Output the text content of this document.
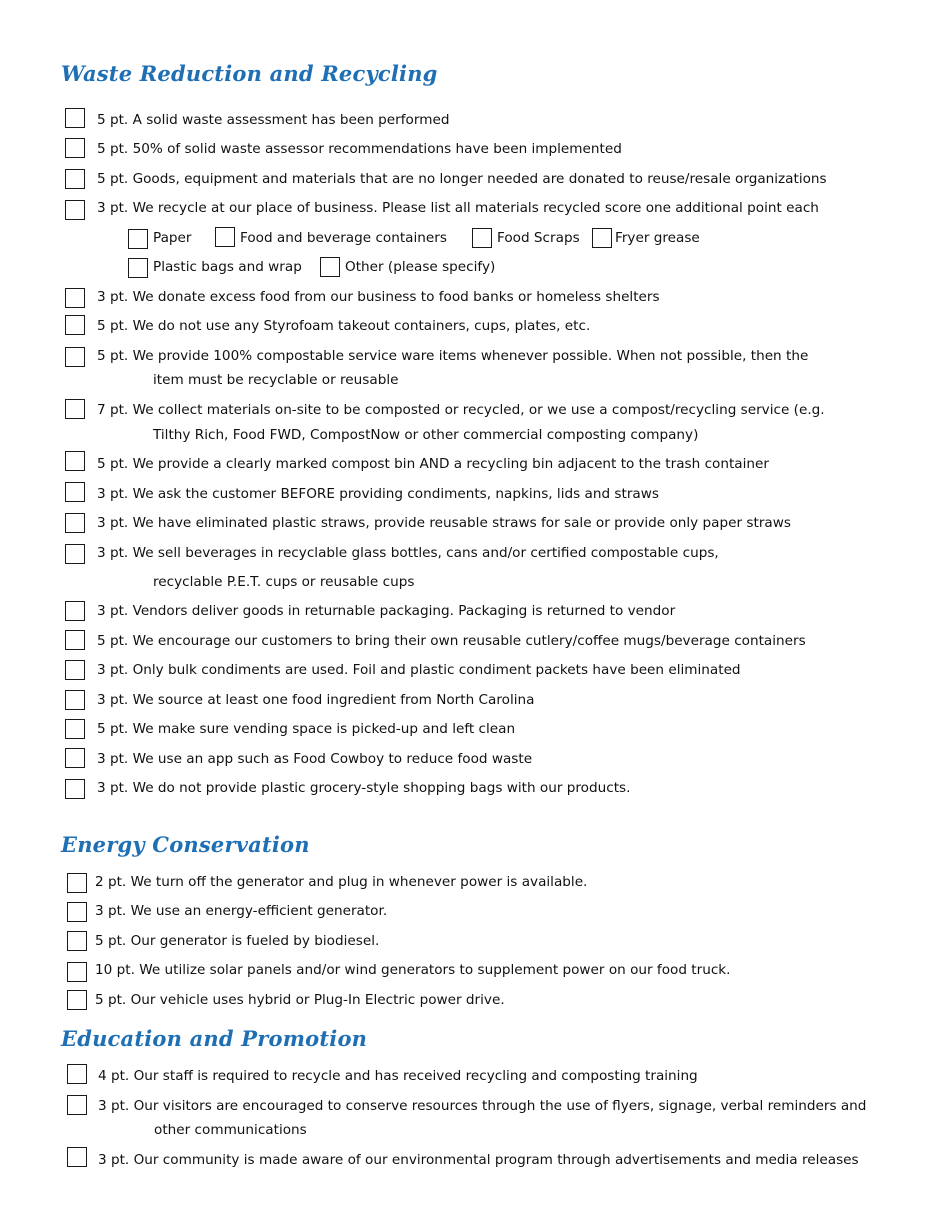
Waste Reduction and Recycling
5 pt. A solid waste assessment has been performed
5 pt. 50% of solid waste assessor recommendations have been implemented
5 pt. Goods, equipment and materials that are no longer needed are donated to reuse/resale organizations
3 pt. We recycle at our place of business. Please list all materials recycled score one additional point each
Paper	Food and beverage containers	Food Scraps	Fryer grease
Plastic bags and wrap	Other (please specify)
3 pt. We donate excess food from our business to food banks or homeless shelters
5 pt. We do not use any Styrofoam takeout containers, cups, plates, etc.
5 pt. We provide 100% compostable service ware items whenever possible. When not possible, then the
item must be recyclable or reusable
7 pt. We collect materials on-site to be composted or recycled, or we use a compost/recycling service (e.g.
Tilthy Rich, Food FWD, CompostNow or other commercial composting company)
5 pt. We provide a clearly marked compost bin AND a recycling bin adjacent to the trash container
3 pt. We ask the customer BEFORE providing condiments, napkins, lids and straws
3 pt. We have eliminated plastic straws, provide reusable straws for sale or provide only paper straws
3 pt. We sell beverages in recyclable glass bottles, cans and/or certified compostable cups,
recyclable P.E.T. cups or reusable cups
3 pt. Vendors deliver goods in returnable packaging. Packaging is returned to vendor
5 pt. We encourage our customers to bring their own reusable cutlery/coffee mugs/beverage containers
3 pt. Only bulk condiments are used. Foil and plastic condiment packets have been eliminated
3 pt. We source at least one food ingredient from North Carolina
5 pt. We make sure vending space is picked-up and left clean
3 pt. We use an app such as Food Cowboy to reduce food waste
3 pt. We do not provide plastic grocery-style shopping bags with our products.
Energy Conservation
2 pt. We turn off the generator and plug in whenever power is available.
3 pt. We use an energy-efficient generator.
5 pt. Our generator is fueled by biodiesel.
10 pt. We utilize solar panels and/or wind generators to supplement power on our food truck.
5 pt. Our vehicle uses hybrid or Plug-In Electric power drive.
Education and Promotion
4 pt. Our staff is required to recycle and has received recycling and composting training
3 pt. Our visitors are encouraged to conserve resources through the use of flyers, signage, verbal reminders and
other communications
3 pt. Our community is made aware of our environmental program through advertisements and media releases
